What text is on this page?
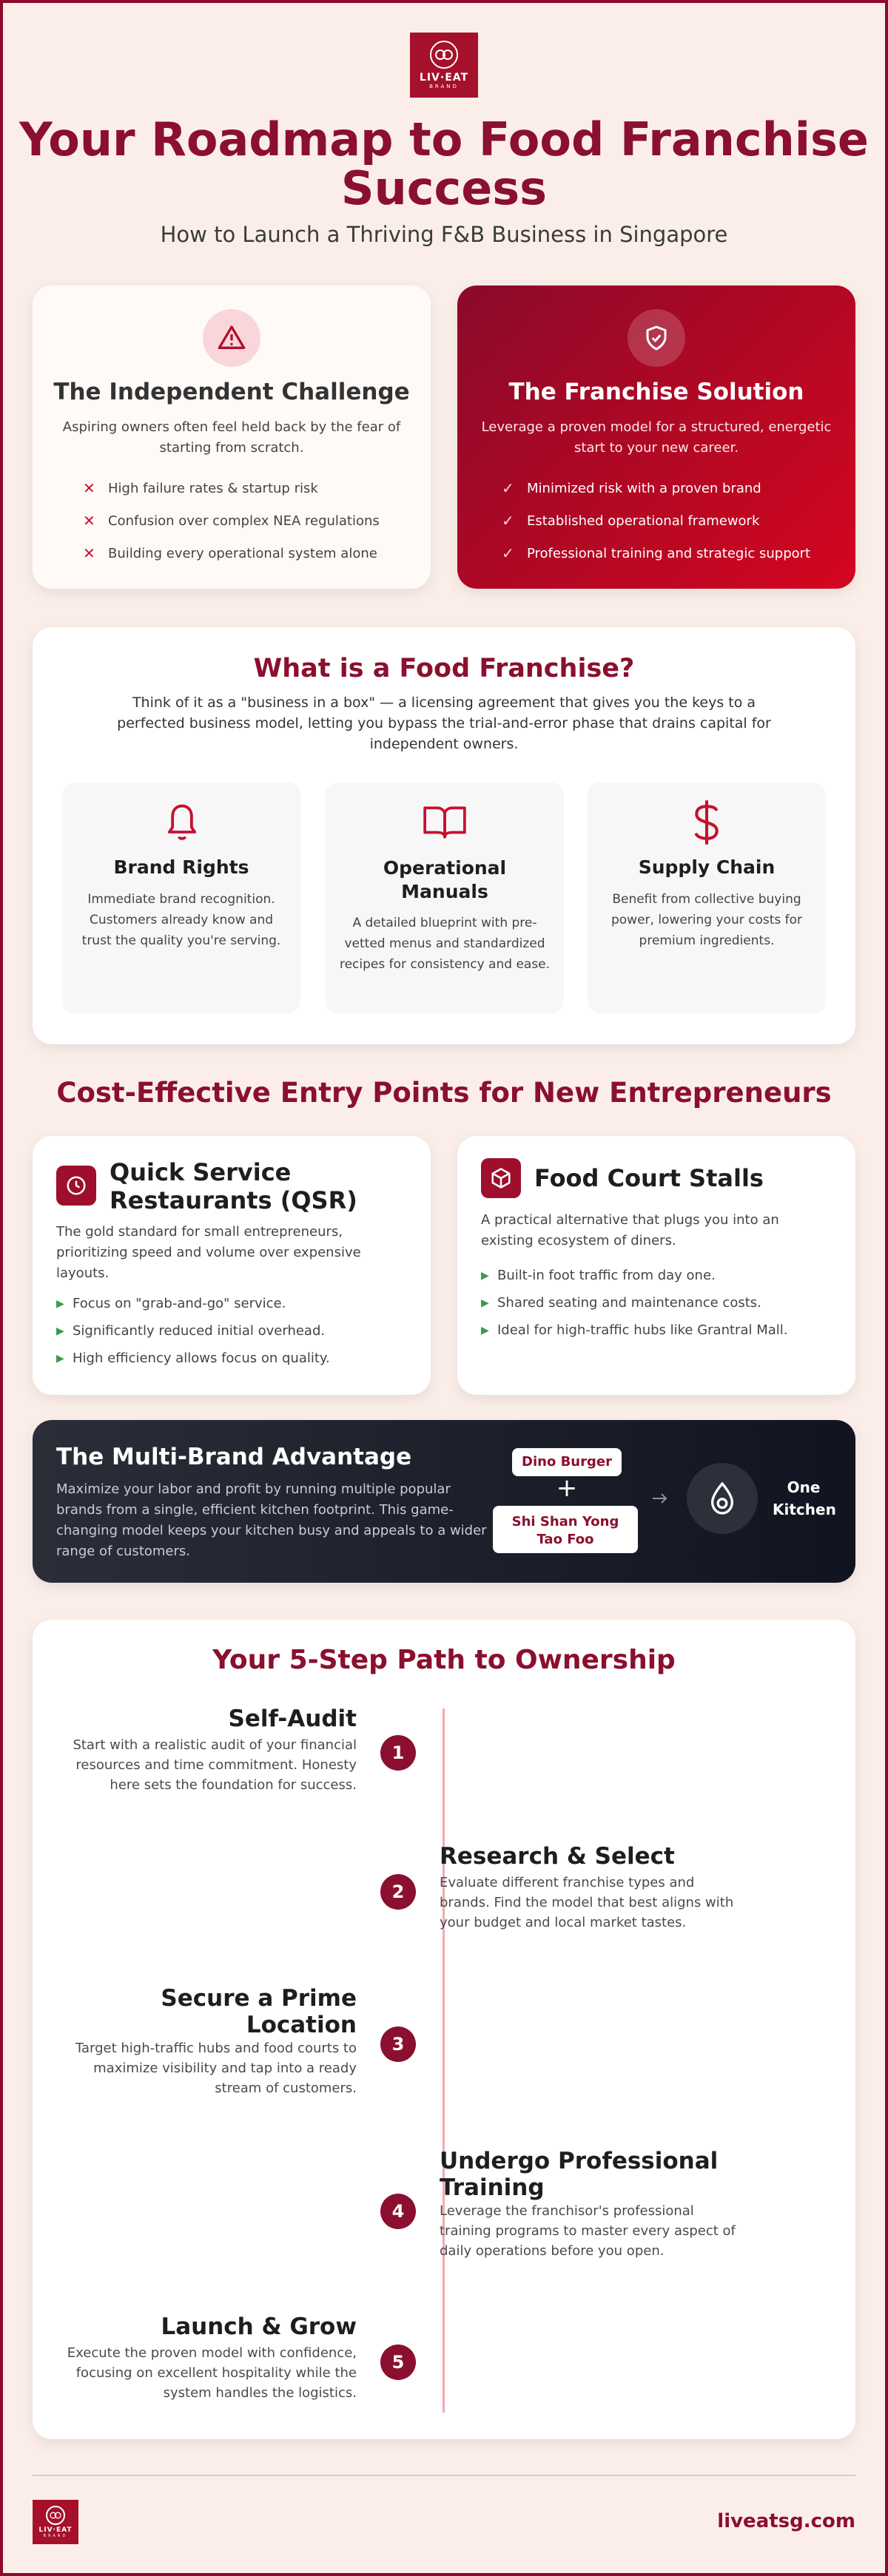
LIV·EAT
BRAND
Your Roadmap to Food Franchise
Success
How to Launch a Thriving F&B Business in Singapore
The Independent Challenge
Aspiring owners often feel held back by the fear of starting from scratch.
✕ High failure rates & startup risk
✕ Confusion over complex NEA regulations
✕ Building every operational system alone
The Franchise Solution
Leverage a proven model for a structured, energetic start to your new career.
✓ Minimized risk with a proven brand
✓ Established operational framework
✓ Professional training and strategic support
What is a Food Franchise?
Think of it as a "business in a box" — a licensing agreement that gives you the keys to a perfected business model, letting you bypass the trial-and-error phase that drains capital for independent owners.
Brand Rights
Immediate brand recognition. Customers already know and trust the quality you're serving.
Operational Manuals
A detailed blueprint with pre-vetted menus and standardized recipes for consistency and ease.
Supply Chain
Benefit from collective buying power, lowering your costs for premium ingredients.
Cost-Effective Entry Points for New Entrepreneurs
Quick Service Restaurants (QSR)
The gold standard for small entrepreneurs, prioritizing speed and volume over expensive layouts.
▶ Focus on "grab-and-go" service.
▶ Significantly reduced initial overhead.
▶ High efficiency allows focus on quality.
Food Court Stalls
A practical alternative that plugs you into an existing ecosystem of diners.
▶ Built-in foot traffic from day one.
▶ Shared seating and maintenance costs.
▶ Ideal for high-traffic hubs like Grantral Mall.
The Multi-Brand Advantage
Maximize your labor and profit by running multiple popular brands from a single, efficient kitchen footprint. This game-changing model keeps your kitchen busy and appeals to a wider range of customers.
Dino Burger
+
Shi Shan Yong Tao Foo
One Kitchen
Your 5-Step Path to Ownership
Self-Audit
Start with a realistic audit of your financial resources and time commitment. Honesty here sets the foundation for success.
1
Research & Select
Evaluate different franchise types and brands. Find the model that best aligns with your budget and local market tastes.
2
Secure a Prime Location
Target high-traffic hubs and food courts to maximize visibility and tap into a ready stream of customers.
3
Undergo Professional Training
Leverage the franchisor's professional training programs to master every aspect of daily operations before you open.
4
Launch & Grow
Execute the proven model with confidence, focusing on excellent hospitality while the system handles the logistics.
5
LIV·EAT
BRAND
liveatsg.com
